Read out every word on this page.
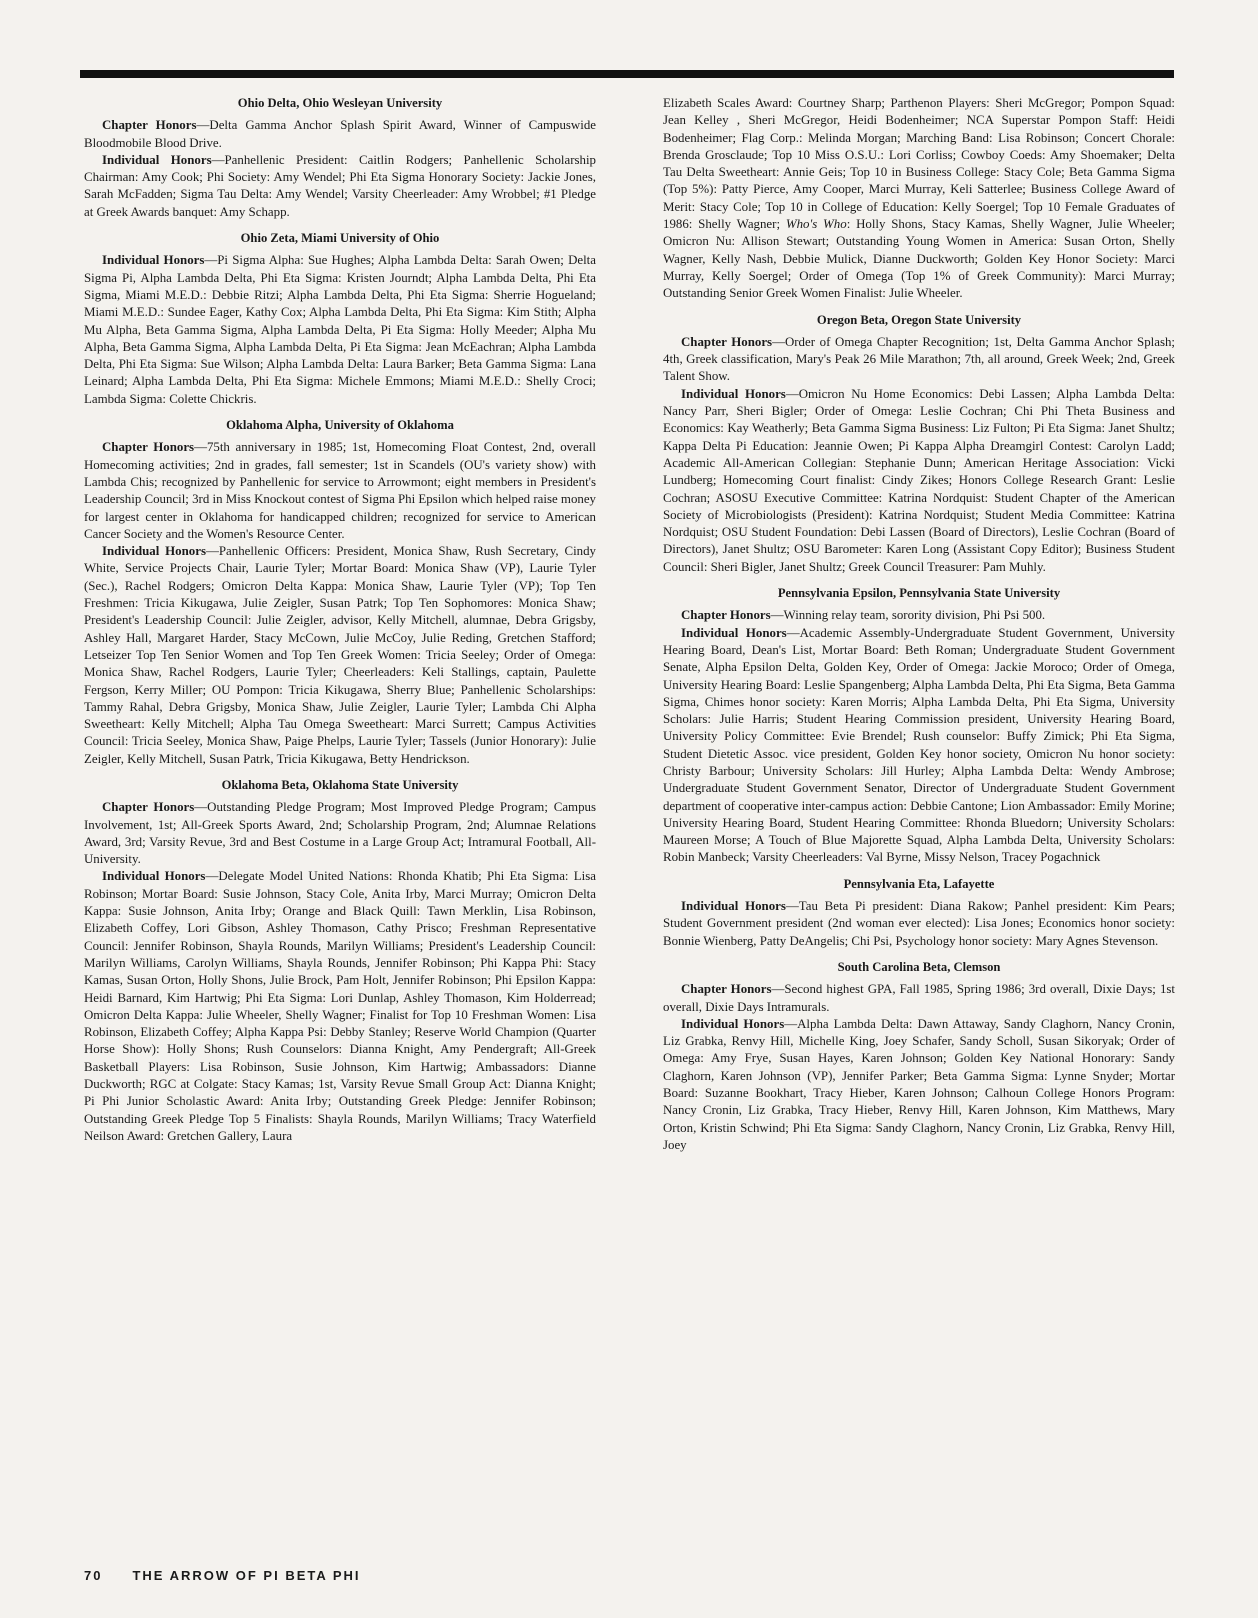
Ohio Delta, Ohio Wesleyan University

Chapter Honors—Delta Gamma Anchor Splash Spirit Award, Winner of Campuswide Bloodmobile Blood Drive.

Individual Honors—Panhellenic President: Caitlin Rodgers; Panhellenic Scholarship Chairman: Amy Cook; Phi Society: Amy Wendel; Phi Eta Sigma Honorary Society: Jackie Jones, Sarah McFadden; Sigma Tau Delta: Amy Wendel; Varsity Cheerleader: Amy Wrobbel; #1 Pledge at Greek Awards banquet: Amy Schapp.

Ohio Zeta, Miami University of Ohio

Individual Honors—Pi Sigma Alpha: Sue Hughes; Alpha Lambda Delta: Sarah Owen; Delta Sigma Pi, Alpha Lambda Delta, Phi Eta Sigma: Kristen Journdt; Alpha Lambda Delta, Phi Eta Sigma, Miami M.E.D.: Debbie Ritzi; Alpha Lambda Delta, Phi Eta Sigma: Sherrie Hogueland; Miami M.E.D.: Sundee Eager, Kathy Cox; Alpha Lambda Delta, Phi Eta Sigma: Kim Stith; Alpha Mu Alpha, Beta Gamma Sigma, Alpha Lambda Delta, Pi Eta Sigma: Holly Meeder; Alpha Mu Alpha, Beta Gamma Sigma, Alpha Lambda Delta, Pi Eta Sigma: Jean McEachran; Alpha Lambda Delta, Phi Eta Sigma: Sue Wilson; Alpha Lambda Delta: Laura Barker; Beta Gamma Sigma: Lana Leinard; Alpha Lambda Delta, Phi Eta Sigma: Michele Emmons; Miami M.E.D.: Shelly Croci; Lambda Sigma: Colette Chickris.

Oklahoma Alpha, University of Oklahoma

Chapter Honors—75th anniversary in 1985; 1st, Homecoming Float Contest, 2nd, overall Homecoming activities; 2nd in grades, fall semester; 1st in Scandels (OU's variety show) with Lambda Chis; recognized by Panhellenic for service to Arrowmont; eight members in President's Leadership Council; 3rd in Miss Knockout contest of Sigma Phi Epsilon which helped raise money for largest center in Oklahoma for handicapped children; recognized for service to American Cancer Society and the Women's Resource Center.

Individual Honors—Panhellenic Officers: President, Monica Shaw, Rush Secretary, Cindy White, Service Projects Chair, Laurie Tyler; Mortar Board: Monica Shaw (VP), Laurie Tyler (Sec.), Rachel Rodgers; Omicron Delta Kappa: Monica Shaw, Laurie Tyler (VP); Top Ten Freshmen: Tricia Kikugawa, Julie Zeigler, Susan Patrk; Top Ten Sophomores: Monica Shaw; President's Leadership Council: Julie Zeigler, advisor, Kelly Mitchell, alumnae, Debra Grigsby, Ashley Hall, Margaret Harder, Stacy McCown, Julie McCoy, Julie Reding, Gretchen Stafford; Letseizer Top Ten Senior Women and Top Ten Greek Women: Tricia Seeley; Order of Omega: Monica Shaw, Rachel Rodgers, Laurie Tyler; Cheerleaders: Keli Stallings, captain, Paulette Fergson, Kerry Miller; OU Pompon: Tricia Kikugawa, Sherry Blue; Panhellenic Scholarships: Tammy Rahal, Debra Grigsby, Monica Shaw, Julie Zeigler, Laurie Tyler; Lambda Chi Alpha Sweetheart: Kelly Mitchell; Alpha Tau Omega Sweetheart: Marci Surrett; Campus Activities Council: Tricia Seeley, Monica Shaw, Paige Phelps, Laurie Tyler; Tassels (Junior Honorary): Julie Zeigler, Kelly Mitchell, Susan Patrk, Tricia Kikugawa, Betty Hendrickson.

Oklahoma Beta, Oklahoma State University

Chapter Honors—Outstanding Pledge Program; Most Improved Pledge Program; Campus Involvement, 1st; All-Greek Sports Award, 2nd; Scholarship Program, 2nd; Alumnae Relations Award, 3rd; Varsity Revue, 3rd and Best Costume in a Large Group Act; Intramural Football, All-University.

Individual Honors—Delegate Model United Nations: Rhonda Khatib; Phi Eta Sigma: Lisa Robinson; Mortar Board: Susie Johnson, Stacy Cole, Anita Irby, Marci Murray; Omicron Delta Kappa: Susie Johnson, Anita Irby; Orange and Black Quill: Tawn Merklin, Lisa Robinson, Elizabeth Coffey, Lori Gibson, Ashley Thomason, Cathy Prisco; Freshman Representative Council: Jennifer Robinson, Shayla Rounds, Marilyn Williams; President's Leadership Council: Marilyn Williams, Carolyn Williams, Shayla Rounds, Jennifer Robinson; Phi Kappa Phi: Stacy Kamas, Susan Orton, Holly Shons, Julie Brock, Pam Holt, Jennifer Robinson; Phi Epsilon Kappa: Heidi Barnard, Kim Hartwig; Phi Eta Sigma: Lori Dunlap, Ashley Thomason, Kim Holderread; Omicron Delta Kappa: Julie Wheeler, Shelly Wagner; Finalist for Top 10 Freshman Women: Lisa Robinson, Elizabeth Coffey; Alpha Kappa Psi: Debby Stanley; Reserve World Champion (Quarter Horse Show): Holly Shons; Rush Counselors: Dianna Knight, Amy Pendergraft; All-Greek Basketball Players: Lisa Robinson, Susie Johnson, Kim Hartwig; Ambassadors: Dianne Duckworth; RGC at Colgate: Stacy Kamas; 1st, Varsity Revue Small Group Act: Dianna Knight; Pi Phi Junior Scholastic Award: Anita Irby; Outstanding Greek Pledge: Jennifer Robinson; Outstanding Greek Pledge Top 5 Finalists: Shayla Rounds, Marilyn Williams; Tracy Waterfield Neilson Award: Gretchen Gallery, Laura

Elizabeth Scales Award: Courtney Sharp; Parthenon Players: Sheri McGregor; Pompon Squad: Jean Kelley , Sheri McGregor, Heidi Bodenheimer; NCA Superstar Pompon Staff: Heidi Bodenheimer; Flag Corp.: Melinda Morgan; Marching Band: Lisa Robinson; Concert Chorale: Brenda Grosclaude; Top 10 Miss O.S.U.: Lori Corliss; Cowboy Coeds: Amy Shoemaker; Delta Tau Delta Sweetheart: Annie Geis; Top 10 in Business College: Stacy Cole; Beta Gamma Sigma (Top 5%): Patty Pierce, Amy Cooper, Marci Murray, Keli Satterlee; Business College Award of Merit: Stacy Cole; Top 10 in College of Education: Kelly Soergel; Top 10 Female Graduates of 1986: Shelly Wagner; Who's Who: Holly Shons, Stacy Kamas, Shelly Wagner, Julie Wheeler; Omicron Nu: Allison Stewart; Outstanding Young Women in America: Susan Orton, Shelly Wagner, Kelly Nash, Debbie Mulick, Dianne Duckworth; Golden Key Honor Society: Marci Murray, Kelly Soergel; Order of Omega (Top 1% of Greek Community): Marci Murray; Outstanding Senior Greek Women Finalist: Julie Wheeler.

Oregon Beta, Oregon State University

Chapter Honors—Order of Omega Chapter Recognition; 1st, Delta Gamma Anchor Splash; 4th, Greek classification, Mary's Peak 26 Mile Marathon; 7th, all around, Greek Week; 2nd, Greek Talent Show.

Individual Honors—Omicron Nu Home Economics: Debi Lassen; Alpha Lambda Delta: Nancy Parr, Sheri Bigler; Order of Omega: Leslie Cochran; Chi Phi Theta Business and Economics: Kay Weatherly; Beta Gamma Sigma Business: Liz Fulton; Pi Eta Sigma: Janet Shultz; Kappa Delta Pi Education: Jeannie Owen; Pi Kappa Alpha Dreamgirl Contest: Carolyn Ladd; Academic All-American Collegian: Stephanie Dunn; American Heritage Association: Vicki Lundberg; Homecoming Court finalist: Cindy Zikes; Honors College Research Grant: Leslie Cochran; ASOSU Executive Committee: Katrina Nordquist: Student Chapter of the American Society of Microbiologists (President): Katrina Nordquist; Student Media Committee: Katrina Nordquist; OSU Student Foundation: Debi Lassen (Board of Directors), Leslie Cochran (Board of Directors), Janet Shultz; OSU Barometer: Karen Long (Assistant Copy Editor); Business Student Council: Sheri Bigler, Janet Shultz; Greek Council Treasurer: Pam Muhly.

Pennsylvania Epsilon, Pennsylvania State University

Chapter Honors—Winning relay team, sorority division, Phi Psi 500.

Individual Honors—Academic Assembly-Undergraduate Student Government, University Hearing Board, Dean's List, Mortar Board: Beth Roman; Undergraduate Student Government Senate, Alpha Epsilon Delta, Golden Key, Order of Omega: Jackie Moroco; Order of Omega, University Hearing Board: Leslie Spangenberg; Alpha Lambda Delta, Phi Eta Sigma, Beta Gamma Sigma, Chimes honor society: Karen Morris; Alpha Lambda Delta, Phi Eta Sigma, University Scholars: Julie Harris; Student Hearing Commission president, University Hearing Board, University Policy Committee: Evie Brendel; Rush counselor: Buffy Zimick; Phi Eta Sigma, Student Dietetic Assoc. vice president, Golden Key honor society, Omicron Nu honor society: Christy Barbour; University Scholars: Jill Hurley; Alpha Lambda Delta: Wendy Ambrose; Undergraduate Student Government Senator, Director of Undergraduate Student Government department of cooperative inter-campus action: Debbie Cantone; Lion Ambassador: Emily Morine; University Hearing Board, Student Hearing Committee: Rhonda Bluedorn; University Scholars: Maureen Morse; A Touch of Blue Majorette Squad, Alpha Lambda Delta, University Scholars: Robin Manbeck; Varsity Cheerleaders: Val Byrne, Missy Nelson, Tracey Pogachnick

Pennsylvania Eta, Lafayette

Individual Honors—Tau Beta Pi president: Diana Rakow; Panhel president: Kim Pears; Student Government president (2nd woman ever elected): Lisa Jones; Economics honor society: Bonnie Wienberg, Patty DeAngelis; Chi Psi, Psychology honor society: Mary Agnes Stevenson.

South Carolina Beta, Clemson

Chapter Honors—Second highest GPA, Fall 1985, Spring 1986; 3rd overall, Dixie Days; 1st overall, Dixie Days Intramurals.

Individual Honors—Alpha Lambda Delta: Dawn Attaway, Sandy Claghorn, Nancy Cronin, Liz Grabka, Renvy Hill, Michelle King, Joey Schafer, Sandy Scholl, Susan Sikoryak; Order of Omega: Amy Frye, Susan Hayes, Karen Johnson; Golden Key National Honorary: Sandy Claghorn, Karen Johnson (VP), Jennifer Parker; Beta Gamma Sigma: Lynne Snyder; Mortar Board: Suzanne Bookhart, Tracy Hieber, Karen Johnson; Calhoun College Honors Program: Nancy Cronin, Liz Grabka, Tracy Hieber, Renvy Hill, Karen Johnson, Kim Matthews, Mary Orton, Kristin Schwind; Phi Eta Sigma: Sandy Claghorn, Nancy Cronin, Liz Grabka, Renvy Hill, Joey

70 THE ARROW OF PI BETA PHI
